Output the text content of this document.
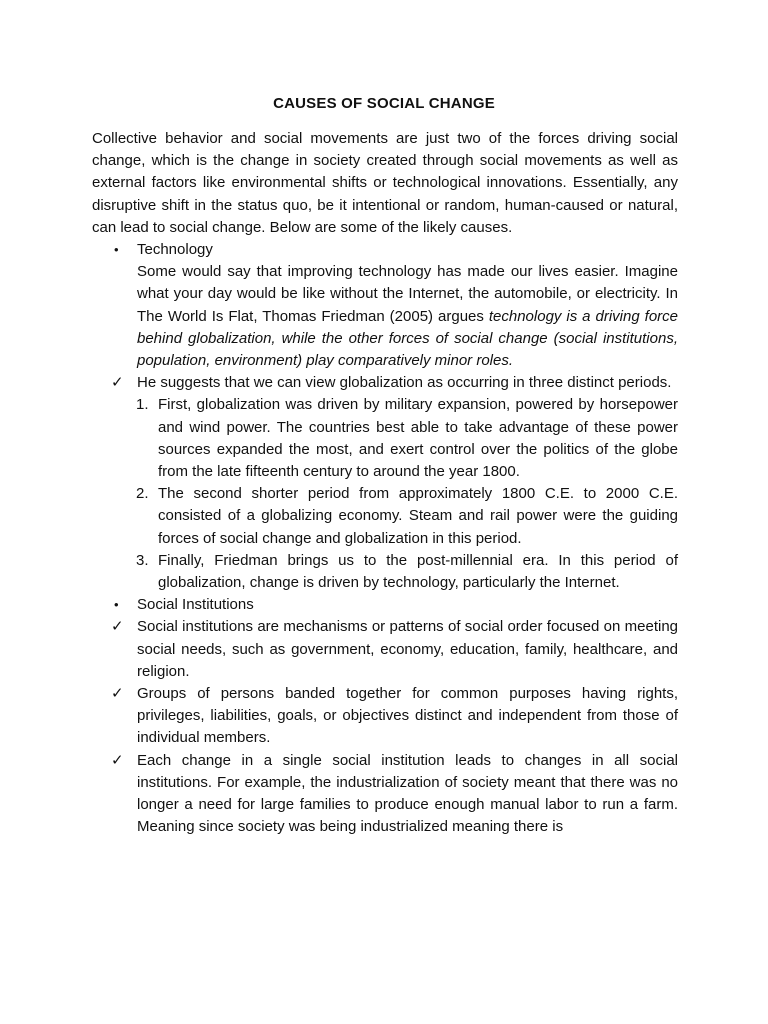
CAUSES OF SOCIAL CHANGE

Collective behavior and social movements are just two of the forces driving social change, which is the change in society created through social movements as well as external factors like environmental shifts or technological innovations. Essentially, any disruptive shift in the status quo, be it intentional or random, human-caused or natural, can lead to social change. Below are some of the likely causes.

• Technology
Some would say that improving technology has made our lives easier. Imagine what your day would be like without the Internet, the automobile, or electricity. In The World Is Flat, Thomas Friedman (2005) argues technology is a driving force behind globalization, while the other forces of social change (social institutions, population, environment) play comparatively minor roles.
✓ He suggests that we can view globalization as occurring in three distinct periods.
1. First, globalization was driven by military expansion, powered by horsepower and wind power. The countries best able to take advantage of these power sources expanded the most, and exert control over the politics of the globe from the late fifteenth century to around the year 1800.
2. The second shorter period from approximately 1800 C.E. to 2000 C.E. consisted of a globalizing economy. Steam and rail power were the guiding forces of social change and globalization in this period.
3. Finally, Friedman brings us to the post-millennial era. In this period of globalization, change is driven by technology, particularly the Internet.
• Social Institutions
✓ Social institutions are mechanisms or patterns of social order focused on meeting social needs, such as government, economy, education, family, healthcare, and religion.
✓ Groups of persons banded together for common purposes having rights, privileges, liabilities, goals, or objectives distinct and independent from those of individual members.
✓ Each change in a single social institution leads to changes in all social institutions. For example, the industrialization of society meant that there was no longer a need for large families to produce enough manual labor to run a farm. Meaning since society was being industrialized meaning there is
